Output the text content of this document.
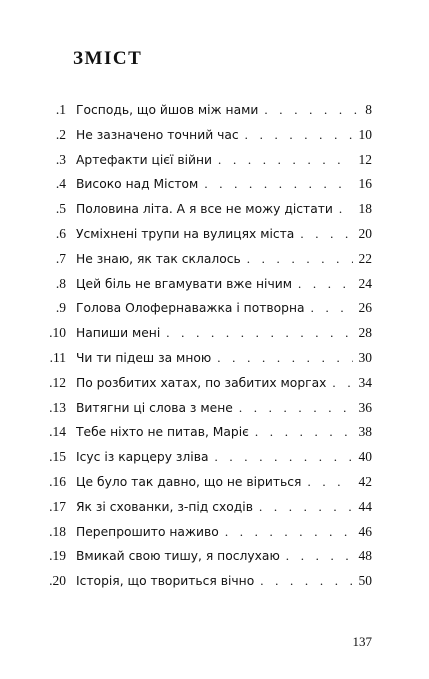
ЗМІСТ
.1 Господь, що йшов між нами . . .	8
.2 Не зазначено точний час . . .	10
.3 Артефакти цієї війни . . .	12
.4 Високо над Містом . . .	16
.5 Половина літа. А я все не можу дістати . . . 18
.6 Усміхнені трупи на вулицях міста . . .	20
.7 Не знаю, як так склалось . . .	22
.8 Цей біль не вгамувати вже нічим . . .	24
.9 Голова Олофернаважка і потворна . . .	26
.10 Напиши мені . . .	28
.11 Чи ти підеш за мною . . .	30
.12 По розбитих хатах, по забитих моргах . . . 34
.13 Витягни ці слова з мене . . .	36
.14 Тебе ніхто не питав, Маріє . . .	38
.15 Ісус із карцеру зліва . . .	40
.16 Це було так давно, що не віриться . . .	42
.17 Як зі схованки, з-під сходів . . .	44
.18 Перепрошито наживо . . .	46
.19 Вмикай свою тишу, я послухаю . . .	48
.20 Історія, що твориться вічно . . .	50
137
